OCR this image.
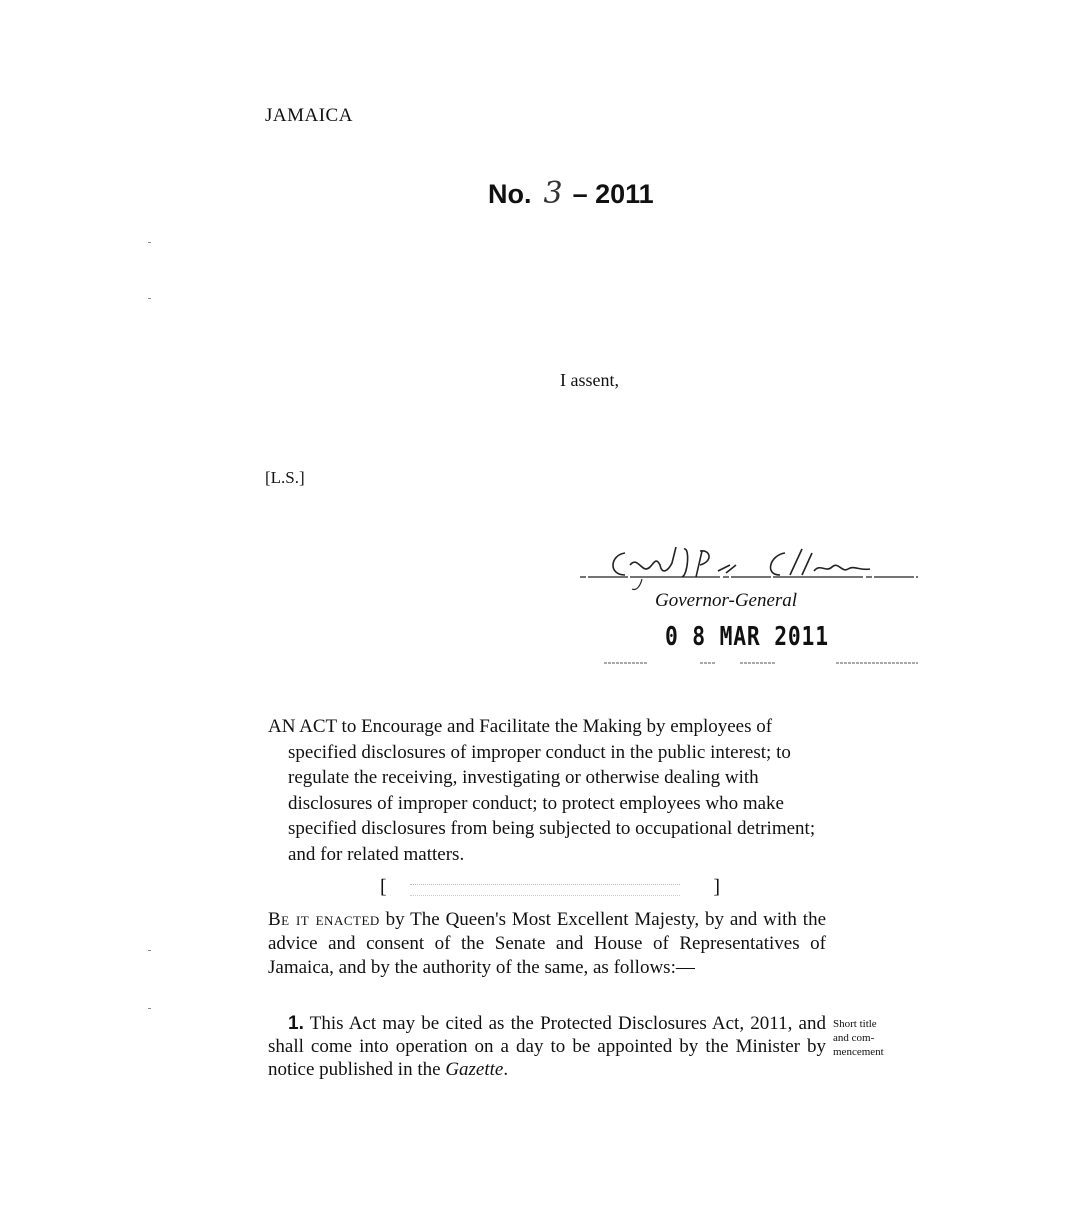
JAMAICA
No. 3 – 2011
I assent,
[L.S.]
Governor-General
0 8 MAR 2011
AN ACT to Encourage and Facilitate the Making by employees of
specified disclosures of improper conduct in the public interest; to
regulate the receiving, investigating or otherwise dealing with
disclosures of improper conduct; to protect employees who make
specified disclosures from being subjected to occupational detriment;
and for related matters.
[	]
Be it enacted by The Queen's Most Excellent Majesty, by and with the advice and consent of the Senate and House of Representatives of Jamaica, and by the authority of the same, as follows:—
1. This Act may be cited as the Protected Disclosures Act, 2011, and shall come into operation on a day to be appointed by the Minister by notice published in the Gazette.
Short title
and com-
mencement
